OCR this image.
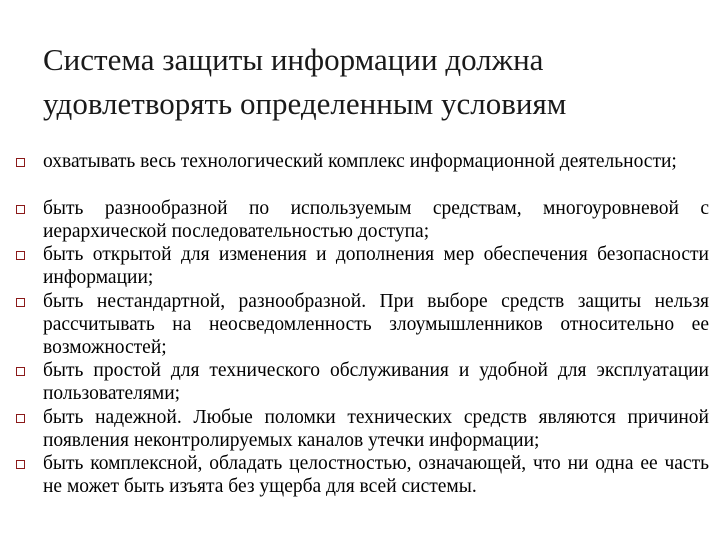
Система защиты информации должна удовлетворять определенным условиям
охватывать весь технологический комплекс информационной деятельности;
быть разнообразной по используемым средствам, многоуровневой с иерархической последовательностью доступа;
быть открытой для изменения и дополнения мер обеспечения безопасности информации;
быть нестандартной, разнообразной. При выборе средств защиты нельзя рассчитывать на неосведомленность злоумышленников относительно ее возможностей;
быть простой для технического обслуживания и удобной для эксплуатации пользователями;
быть надежной. Любые поломки технических средств являются причиной появления неконтролируемых каналов утечки информации;
быть комплексной, обладать целостностью, означающей, что ни одна ее часть не может быть изъята без ущерба для всей системы.
